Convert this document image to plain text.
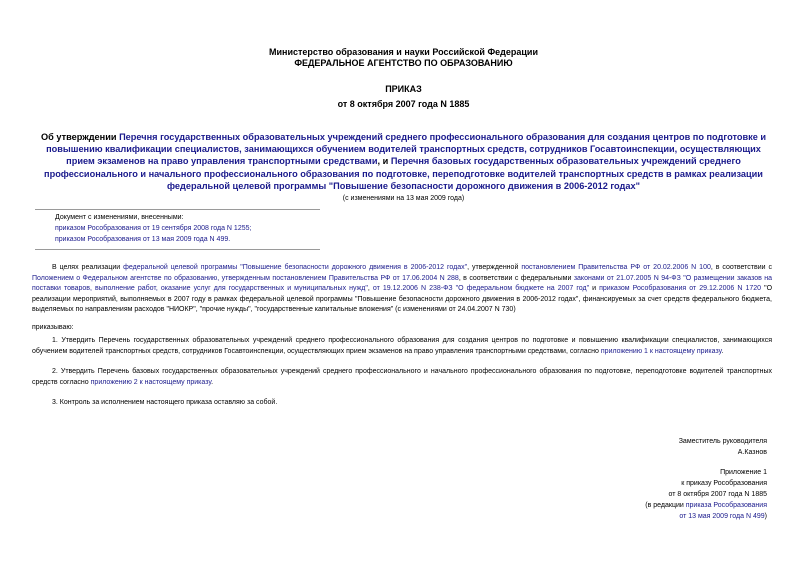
Министерство образования и науки Российской Федерации
ФЕДЕРАЛЬНОЕ АГЕНТСТВО ПО ОБРАЗОВАНИЮ
ПРИКАЗ
от 8 октября 2007 года N 1885
Об утверждении Перечня государственных образовательных учреждений среднего профессионального образования для создания центров по подготовке и повышению квалификации специалистов, занимающихся обучением водителей транспортных средств, сотрудников Госавтоинспекции, осуществляющих прием экзаменов на право управления транспортными средствами, и Перечня базовых государственных образовательных учреждений среднего профессионального и начального профессионального образования по подготовке, переподготовке водителей транспортных средств в рамках реализации федеральной целевой программы "Повышение безопасности дорожного движения в 2006-2012 годах"
(с изменениями на 13 мая 2009 года)
Документ с изменениями, внесенными:
приказом Рособразования от 19 сентября 2008 года N 1255;
приказом Рособразования от 13 мая 2009 года N 499.
В целях реализации федеральной целевой программы "Повышение безопасности дорожного движения в 2006-2012 годах", утвержденной постановлением Правительства РФ от 20.02.2006 N 100, в соответствии с Положением о Федеральном агентстве по образованию, утвержденным постановлением Правительства РФ от 17.06.2004 N 288, в соответствии с федеральными законами от 21.07.2005 N 94-ФЗ "О размещении заказов на поставки товаров, выполнение работ, оказание услуг для государственных и муниципальных нужд", от 19.12.2006 N 238-ФЗ "О федеральном бюджете на 2007 год" и приказом Рособразования от 29.12.2006 N 1720 "О реализации мероприятий, выполняемых в 2007 году в рамках федеральной целевой программы "Повышение безопасности дорожного движения в 2006-2012 годах", финансируемых за счет средств федерального бюджета, выделяемых по направлениям расходов "НИОКР", "прочие нужды", "государственные капитальные вложения" (с изменениями от 24.04.2007 N 730)
приказываю:
1. Утвердить Перечень государственных образовательных учреждений среднего профессионального образования для создания центров по подготовке и повышению квалификации специалистов, занимающихся обучением водителей транспортных средств, сотрудников Госавтоинспекции, осуществляющих прием экзаменов на право управления транспортными средствами, согласно приложению 1 к настоящему приказу.
2. Утвердить Перечень базовых государственных образовательных учреждений среднего профессионального и начального профессионального образования по подготовке, переподготовке водителей транспортных средств согласно приложению 2 к настоящему приказу.
3. Контроль за исполнением настоящего приказа оставляю за собой.
Заместитель руководителя
А.Казнов
Приложение 1
к приказу Рособразования
от 8 октября 2007 года N 1885
(в редакции приказа Рособразования
от 13 мая 2009 года N 499)
